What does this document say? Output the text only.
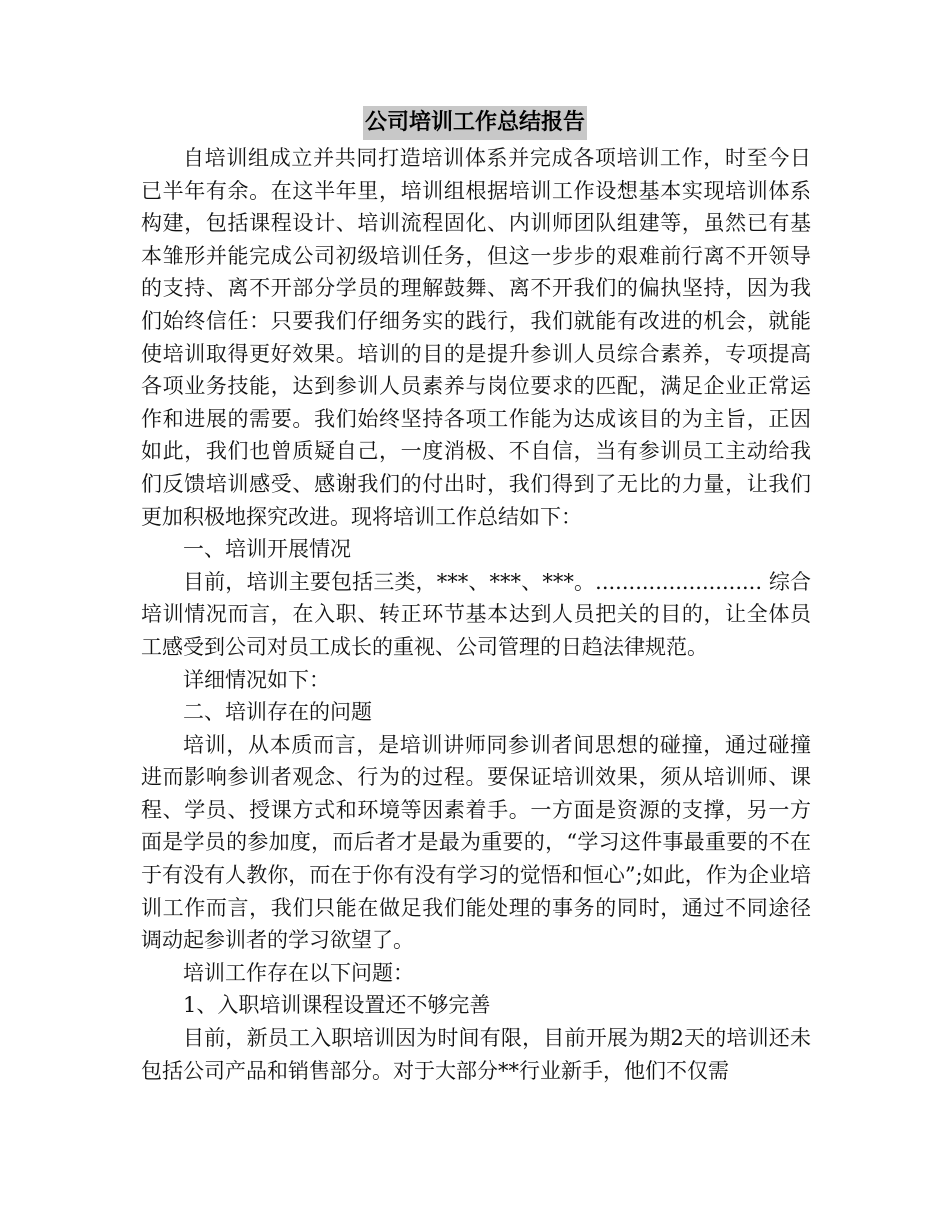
公司培训工作总结报告

自培训组成立并共同打造培训体系并完成各项培训工作，时至今日已半年有余。在这半年里，培训组根据培训工作设想基本实现培训体系构建，包括课程设计、培训流程固化、内训师团队组建等，虽然已有基本雏形并能完成公司初级培训任务，但这一步步的艰难前行离不开领导的支持、离不开部分学员的理解鼓舞、离不开我们的偏执坚持，因为我们始终信任：只要我们仔细务实的践行，我们就能有改进的机会，就能使培训取得更好效果。培训的目的是提升参训人员综合素养，专项提高各项业务技能，达到参训人员素养与岗位要求的匹配，满足企业正常运作和进展的需要。我们始终坚持各项工作能为达成该目的为主旨，正因如此，我们也曾质疑自己，一度消极、不自信，当有参训员工主动给我们反馈培训感受、感谢我们的付出时，我们得到了无比的力量，让我们更加积极地探究改进。现将培训工作总结如下：

一、培训开展情况

目前，培训主要包括三类，***、***、***。......................... 综合培训情况而言，在入职、转正环节基本达到人员把关的目的，让全体员工感受到公司对员工成长的重视、公司管理的日趋法律规范。

详细情况如下：

二、培训存在的问题

培训，从本质而言，是培训讲师同参训者间思想的碰撞，通过碰撞进而影响参训者观念、行为的过程。要保证培训效果，须从培训师、课程、学员、授课方式和环境等因素着手。一方面是资源的支撑，另一方面是学员的参加度，而后者才是最为重要的，“学习这件事最重要的不在于有没有人教你，而在于你有没有学习的觉悟和恒心”;如此，作为企业培训工作而言，我们只能在做足我们能处理的事务的同时，通过不同途径调动起参训者的学习欲望了。

培训工作存在以下问题：

1、入职培训课程设置还不够完善

目前，新员工入职培训因为时间有限，目前开展为期2天的培训还未包括公司产品和销售部分。对于大部分**行业新手，他们不仅需
